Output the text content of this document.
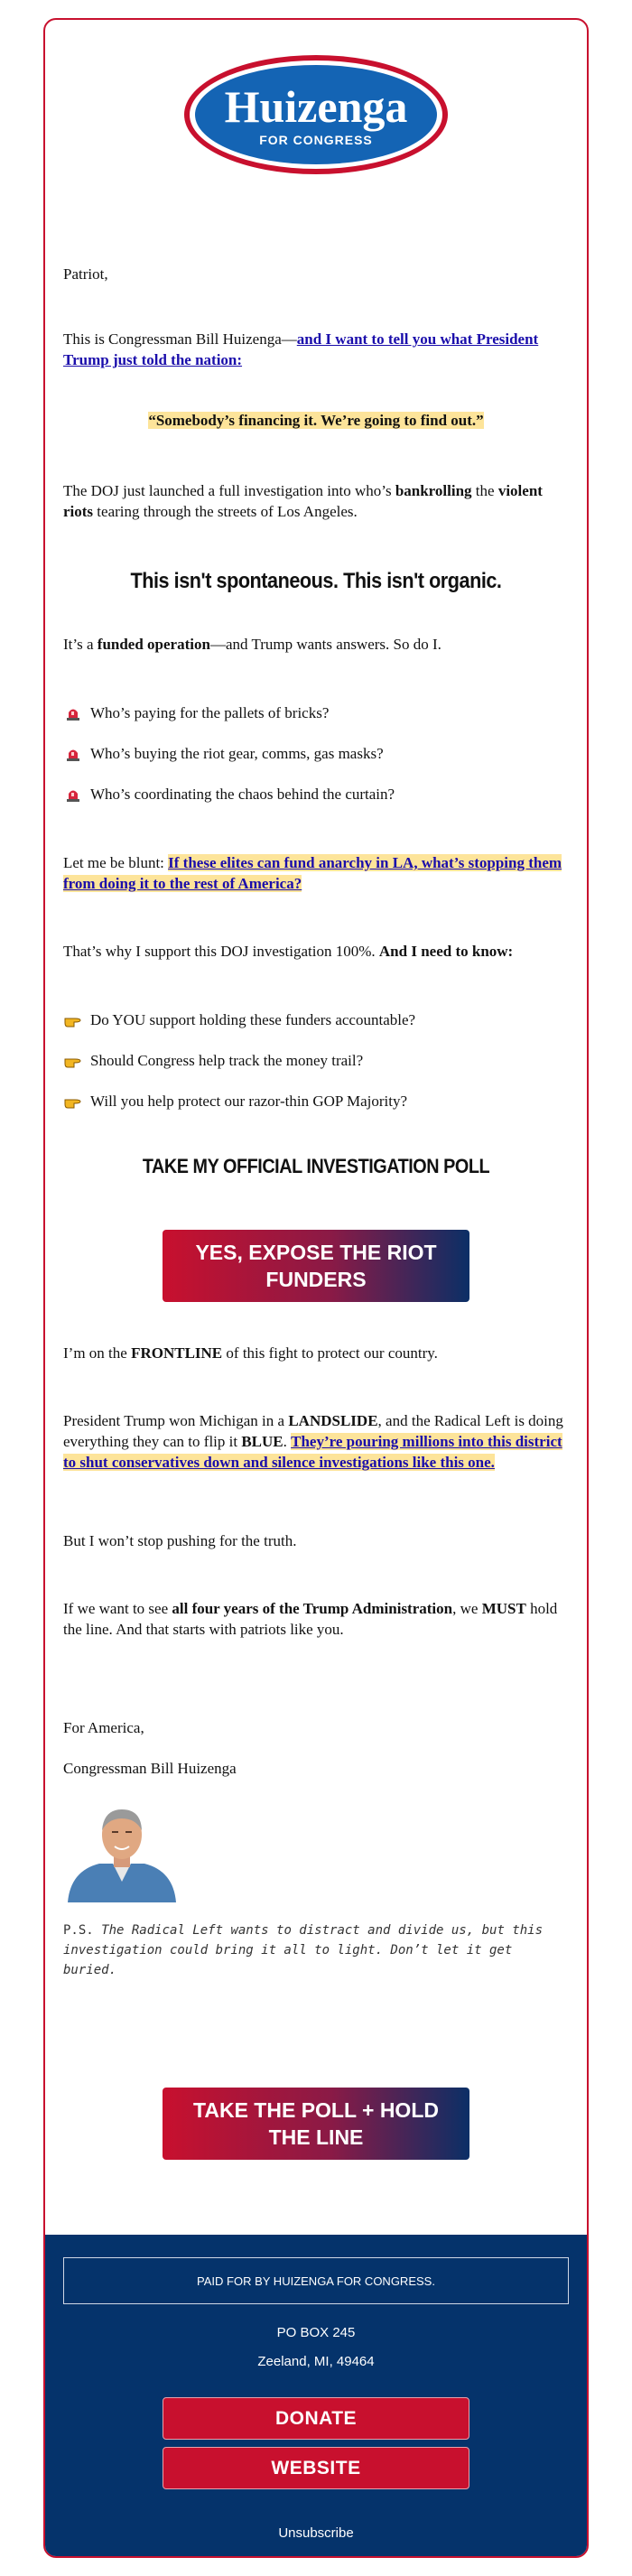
Huizenga
FOR CONGRESS

Patriot,

This is Congressman Bill Huizenga—and I want to tell you what President Trump just told the nation:

“Somebody’s financing it. We’re going to find out.”

The DOJ just launched a full investigation into who’s bankrolling the violent riots tearing through the streets of Los Angeles.

This isn't spontaneous. This isn't organic.

It’s a funded operation—and Trump wants answers. So do I.

Who’s paying for the pallets of bricks?
Who’s buying the riot gear, comms, gas masks?
Who’s coordinating the chaos behind the curtain?

Let me be blunt: If these elites can fund anarchy in LA, what’s stopping them from doing it to the rest of America?

That’s why I support this DOJ investigation 100%. And I need to know:

Do YOU support holding these funders accountable?
Should Congress help track the money trail?
Will you help protect our razor-thin GOP Majority?

TAKE MY OFFICIAL INVESTIGATION POLL

YES, EXPOSE THE RIOT FUNDERS

I’m on the FRONTLINE of this fight to protect our country.

President Trump won Michigan in a LANDSLIDE, and the Radical Left is doing everything they can to flip it BLUE. They’re pouring millions into this district to shut conservatives down and silence investigations like this one.

But I won’t stop pushing for the truth.

If we want to see all four years of the Trump Administration, we MUST hold the line. And that starts with patriots like you.

For America,

Congressman Bill Huizenga

P.S. The Radical Left wants to distract and divide us, but this investigation could bring it all to light. Don’t let it get buried.
TAKE THE POLL + HOLD THE LINE
PAID FOR BY HUIZENGA FOR CONGRESS.
PO BOX 245
Zeeland, MI, 49464
DONATE
WEBSITE
Unsubscribe
